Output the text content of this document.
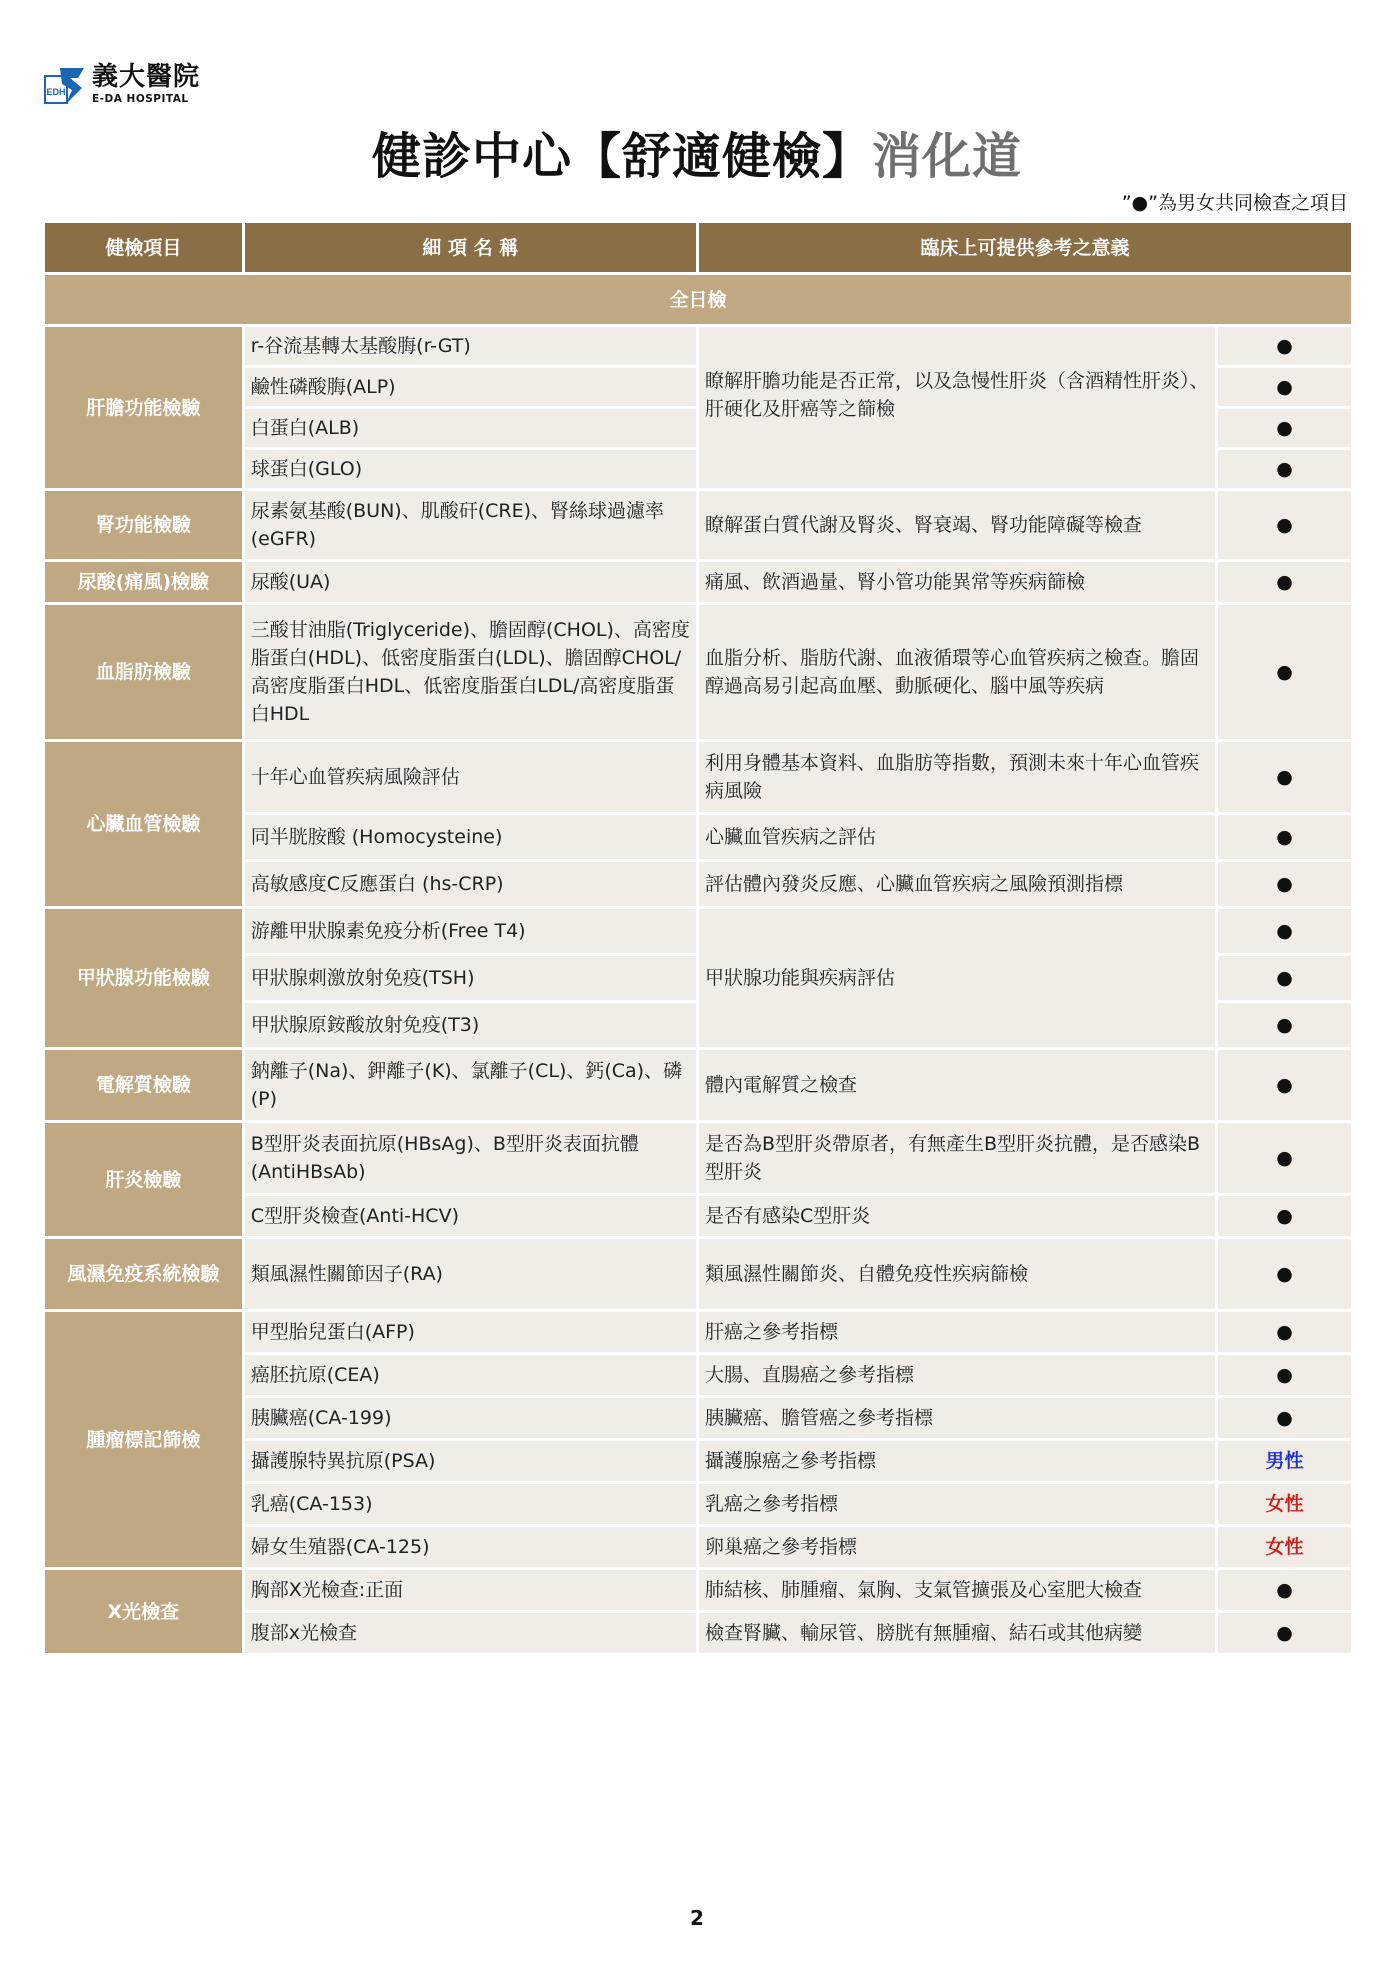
EDH 義大醫院
E-DA HOSPITAL
健診中心【舒適健檢】消化道
”●”為男女共同檢查之項目
健檢項目	細 項 名 稱	臨床上可提供參考之意義	
全日檢			
肝膽功能檢驗	r-谷流基轉太基酸脢(r-GT)	瞭解肝膽功能是否正常，以及急慢性肝炎（含酒精性肝炎）、肝硬化及肝癌等之篩檢	●
	鹼性磷酸脢(ALP)		●
	白蛋白(ALB)		●
	球蛋白(GLO)		●
腎功能檢驗	尿素氨基酸(BUN)、肌酸矸(CRE)、腎絲球過濾率(eGFR)	瞭解蛋白質代謝及腎炎、腎衰竭、腎功能障礙等檢查	●
尿酸(痛風)檢驗	尿酸(UA)	痛風、飲酒過量、腎小管功能異常等疾病篩檢	●
血脂肪檢驗	三酸甘油脂(Triglyceride)、膽固醇(CHOL)、高密度脂蛋白(HDL)、低密度脂蛋白(LDL)、膽固醇CHOL/高密度脂蛋白HDL、低密度脂蛋白LDL/高密度脂蛋白HDL	血脂分析、脂肪代謝、血液循環等心血管疾病之檢查。膽固醇過高易引起高血壓、動脈硬化、腦中風等疾病	●
心臟血管檢驗	十年心血管疾病風險評估	利用身體基本資料、血脂肪等指數，預測未來十年心血管疾病風險	●
	同半胱胺酸 (Homocysteine)	心臟血管疾病之評估	●
	高敏感度C反應蛋白 (hs-CRP)	評估體內發炎反應、心臟血管疾病之風險預測指標	●
甲狀腺功能檢驗	游離甲狀腺素免疫分析(Free T4)	甲狀腺功能與疾病評估	●
	甲狀腺刺激放射免疫(TSH)		●
	甲狀腺原銨酸放射免疫(T3)		●
電解質檢驗	鈉離子(Na)、鉀離子(K)、氯離子(CL)、鈣(Ca)、磷(P)	體內電解質之檢查	●
肝炎檢驗	B型肝炎表面抗原(HBsAg)、B型肝炎表面抗體(AntiHBsAb)	是否為B型肝炎帶原者，有無產生B型肝炎抗體，是否感染B型肝炎	●
	C型肝炎檢查(Anti-HCV)	是否有感染C型肝炎	●
風濕免疫系統檢驗	類風濕性關節因子(RA)	類風濕性關節炎、自體免疫性疾病篩檢	●
腫瘤標記篩檢	甲型胎兒蛋白(AFP)	肝癌之參考指標	●
	癌胚抗原(CEA)	大腸、直腸癌之參考指標	●
	胰臟癌(CA-199)	胰臟癌、膽管癌之參考指標	●
	攝護腺特異抗原(PSA)	攝護腺癌之參考指標	男性
	乳癌(CA-153)	乳癌之參考指標	女性
	婦女生殖器(CA-125)	卵巢癌之參考指標	女性
X光檢查	胸部X光檢查:正面	肺結核、肺腫瘤、氣胸、支氣管擴張及心室肥大檢查	●
	腹部x光檢查	檢查腎臟、輸尿管、膀胱有無腫瘤、結石或其他病變	●
2
